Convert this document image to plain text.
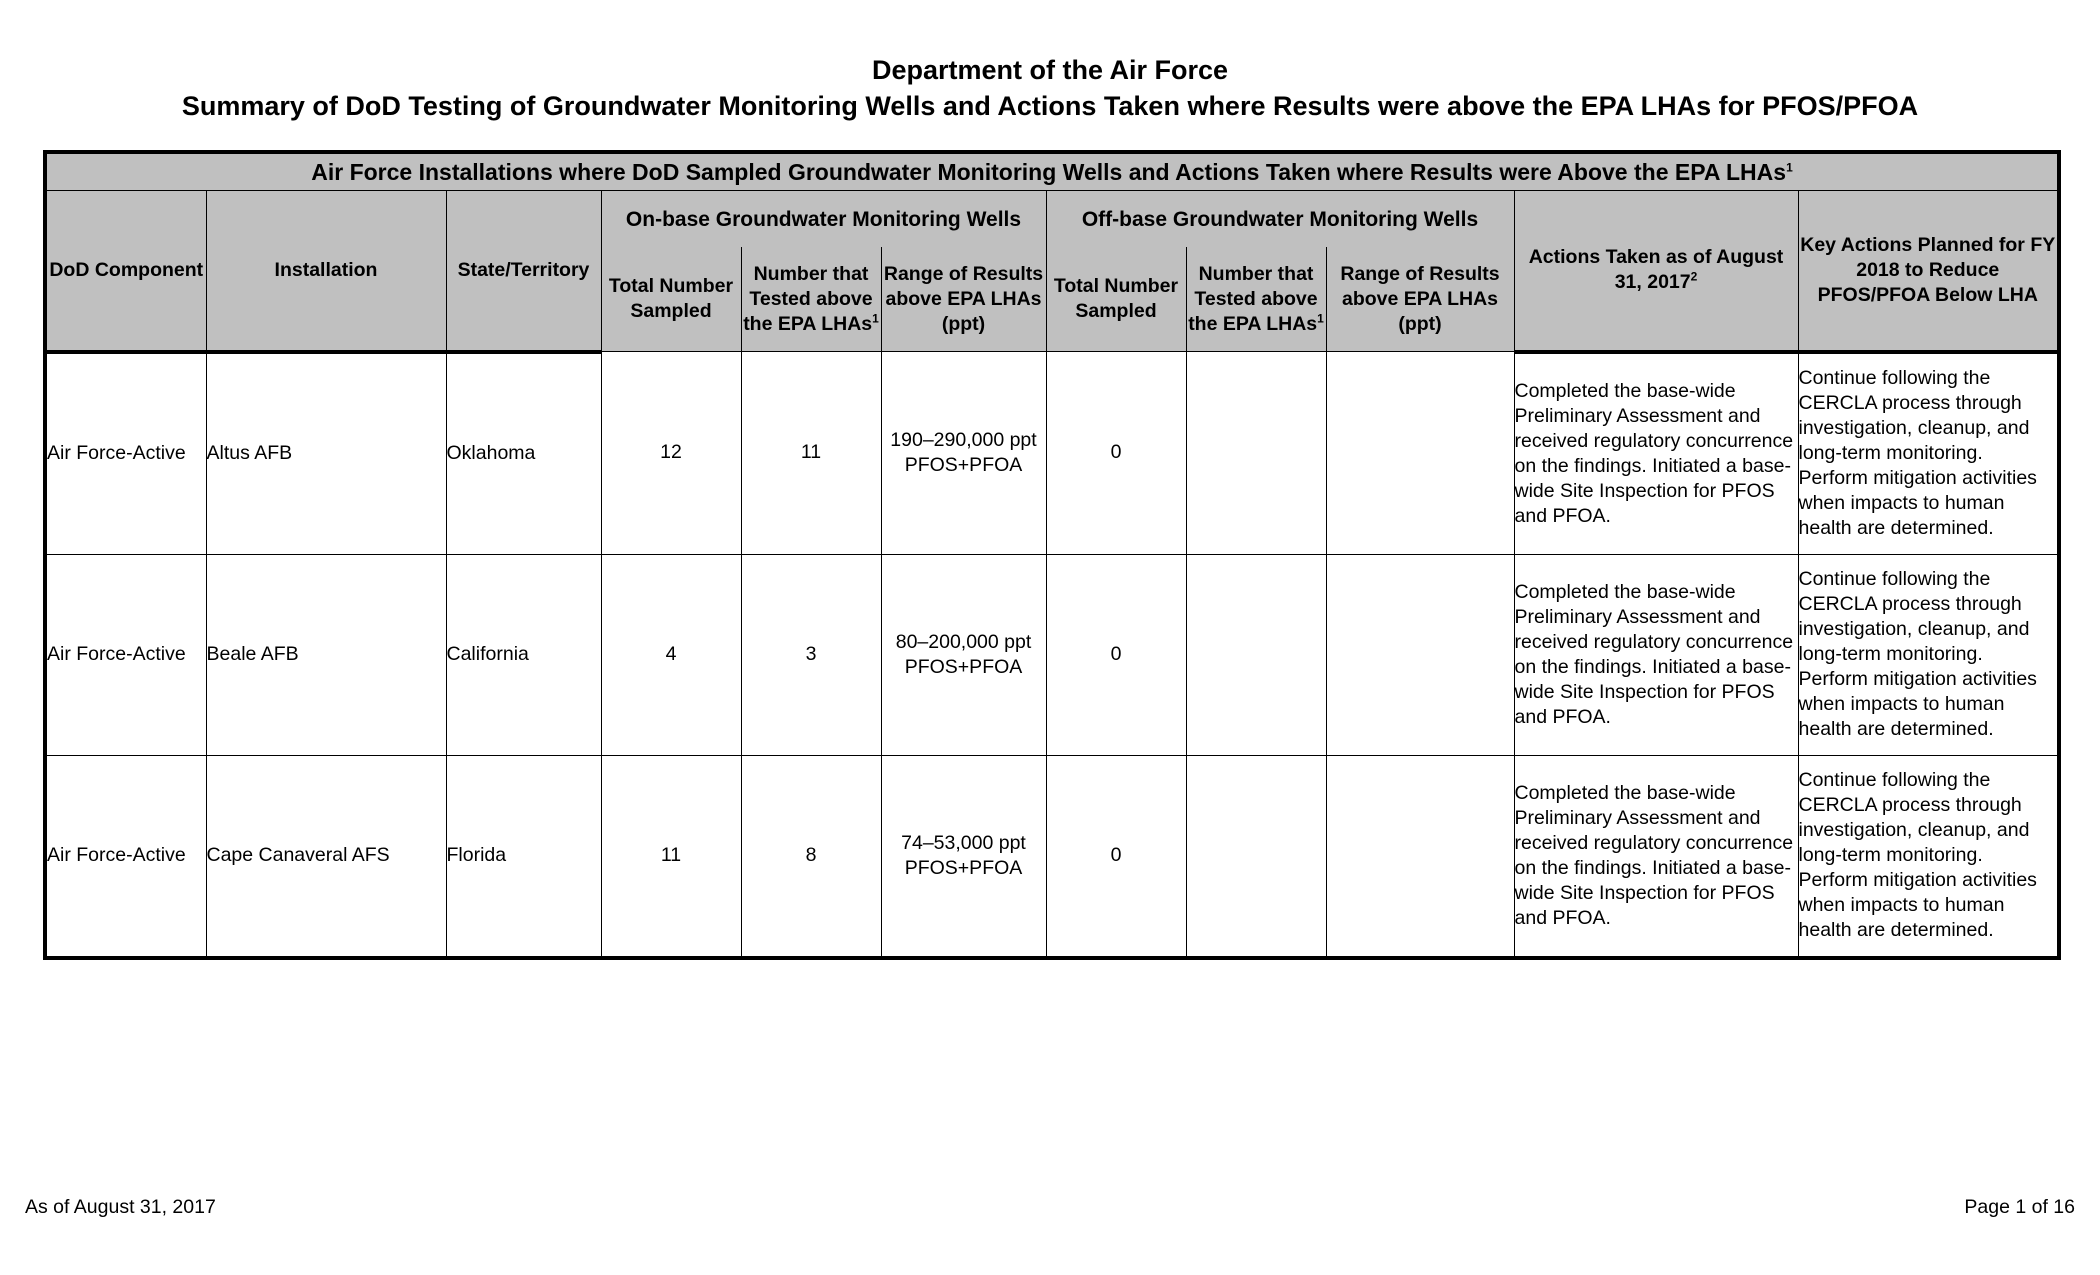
Department of the Air Force
Summary of DoD Testing of Groundwater Monitoring Wells and Actions Taken where Results were above the EPA LHAs for PFOS/PFOA
Air Force Installations where DoD Sampled Groundwater Monitoring Wells and Actions Taken where Results were Above the EPA LHAs$^1$
DoD Component	Installation	State/Territory	On-base Groundwater Monitoring Wells			Off-base Groundwater Monitoring Wells			Actions Taken as of August 31, 2017$^2$	Key Actions Planned for FY 2018 to Reduce PFOS/PFOA Below LHA
			Total Number Sampled	Number that Tested above the EPA LHAs$^1$	Range of Results above EPA LHAs (ppt)	Total Number Sampled	Number that Tested above the EPA LHAs$^1$	Range of Results above EPA LHAs (ppt)		
Air Force-Active	Altus AFB	Oklahoma	12	11	190–290,000 ppt PFOS+PFOA	0			Completed the base-wide Preliminary Assessment and received regulatory concurrence on the findings. Initiated a base-wide Site Inspection for PFOS and PFOA.	Continue following the CERCLA process through investigation, cleanup, and long-term monitoring. Perform mitigation activities when impacts to human health are determined.
Air Force-Active	Beale AFB	California	4	3	80–200,000 ppt PFOS+PFOA	0			Completed the base-wide Preliminary Assessment and received regulatory concurrence on the findings. Initiated a base-wide Site Inspection for PFOS and PFOA.	Continue following the CERCLA process through investigation, cleanup, and long-term monitoring. Perform mitigation activities when impacts to human health are determined.
Air Force-Active	Cape Canaveral AFS	Florida	11	8	74–53,000 ppt PFOS+PFOA	0			Completed the base-wide Preliminary Assessment and received regulatory concurrence on the findings. Initiated a base-wide Site Inspection for PFOS and PFOA.	Continue following the CERCLA process through investigation, cleanup, and long-term monitoring. Perform mitigation activities when impacts to human health are determined.
As of August 31, 2017	Page 1 of 16
